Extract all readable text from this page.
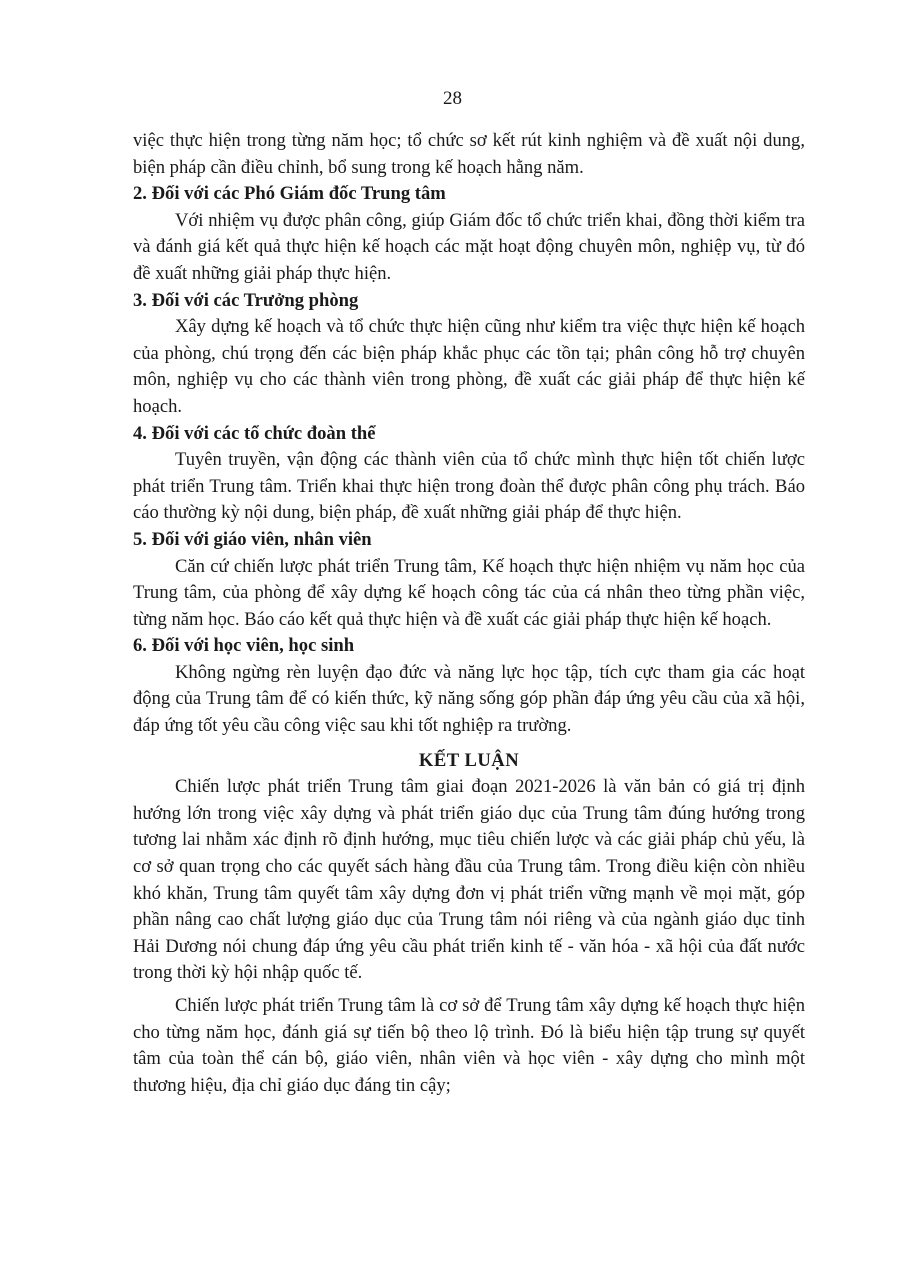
28

việc thực hiện trong từng năm học; tổ chức sơ kết rút kinh nghiệm và đề xuất nội dung, biện pháp cần điều chỉnh, bổ sung trong kế hoạch hằng năm.

2. Đối với các Phó Giám đốc Trung tâm

Với nhiệm vụ được phân công, giúp Giám đốc tổ chức triển khai, đồng thời kiểm tra và đánh giá kết quả thực hiện kế hoạch các mặt hoạt động chuyên môn, nghiệp vụ, từ đó đề xuất những giải pháp thực hiện.

3. Đối với các Trưởng phòng

Xây dựng kế hoạch và tổ chức thực hiện cũng như kiểm tra việc thực hiện kế hoạch của phòng, chú trọng đến các biện pháp khắc phục các tồn tại; phân công hỗ trợ chuyên môn, nghiệp vụ cho các thành viên trong phòng, đề xuất các giải pháp để thực hiện kế hoạch.

4. Đối với các tổ chức đoàn thể

Tuyên truyền, vận động các thành viên của tổ chức mình thực hiện tốt chiến lược phát triển Trung tâm. Triển khai thực hiện trong đoàn thể được phân công phụ trách. Báo cáo thường kỳ nội dung, biện pháp, đề xuất những giải pháp để thực hiện.

5. Đối với giáo viên, nhân viên

Căn cứ chiến lược phát triển Trung tâm, Kế hoạch thực hiện nhiệm vụ năm học của Trung tâm, của phòng để xây dựng kế hoạch công tác của cá nhân theo từng phần việc, từng năm học. Báo cáo kết quả thực hiện và đề xuất các giải pháp thực hiện kế hoạch.

6. Đối với học viên, học sinh

Không ngừng rèn luyện đạo đức và năng lực học tập, tích cực tham gia các hoạt động của Trung tâm để có kiến thức, kỹ năng sống góp phần đáp ứng yêu cầu của xã hội, đáp ứng tốt yêu cầu công việc sau khi tốt nghiệp ra trường.

KẾT LUẬN

Chiến lược phát triển Trung tâm giai đoạn 2021-2026 là văn bản có giá trị định hướng lớn trong việc xây dựng và phát triển giáo dục của Trung tâm đúng hướng trong tương lai nhằm xác định rõ định hướng, mục tiêu chiến lược và các giải pháp chủ yếu, là cơ sở quan trọng cho các quyết sách hàng đầu của Trung tâm. Trong điều kiện còn nhiều khó khăn, Trung tâm quyết tâm xây dựng đơn vị phát triển vững mạnh về mọi mặt, góp phần nâng cao chất lượng giáo dục của Trung tâm nói riêng và của ngành giáo dục tỉnh Hải Dương nói chung đáp ứng yêu cầu phát triển kinh tế - văn hóa - xã hội của đất nước trong thời kỳ hội nhập quốc tế.

Chiến lược phát triển Trung tâm là cơ sở để Trung tâm xây dựng kế hoạch thực hiện cho từng năm học, đánh giá sự tiến bộ theo lộ trình. Đó là biểu hiện tập trung sự quyết tâm của toàn thể cán bộ, giáo viên, nhân viên và học viên - xây dựng cho mình một thương hiệu, địa chỉ giáo dục đáng tin cậy;
